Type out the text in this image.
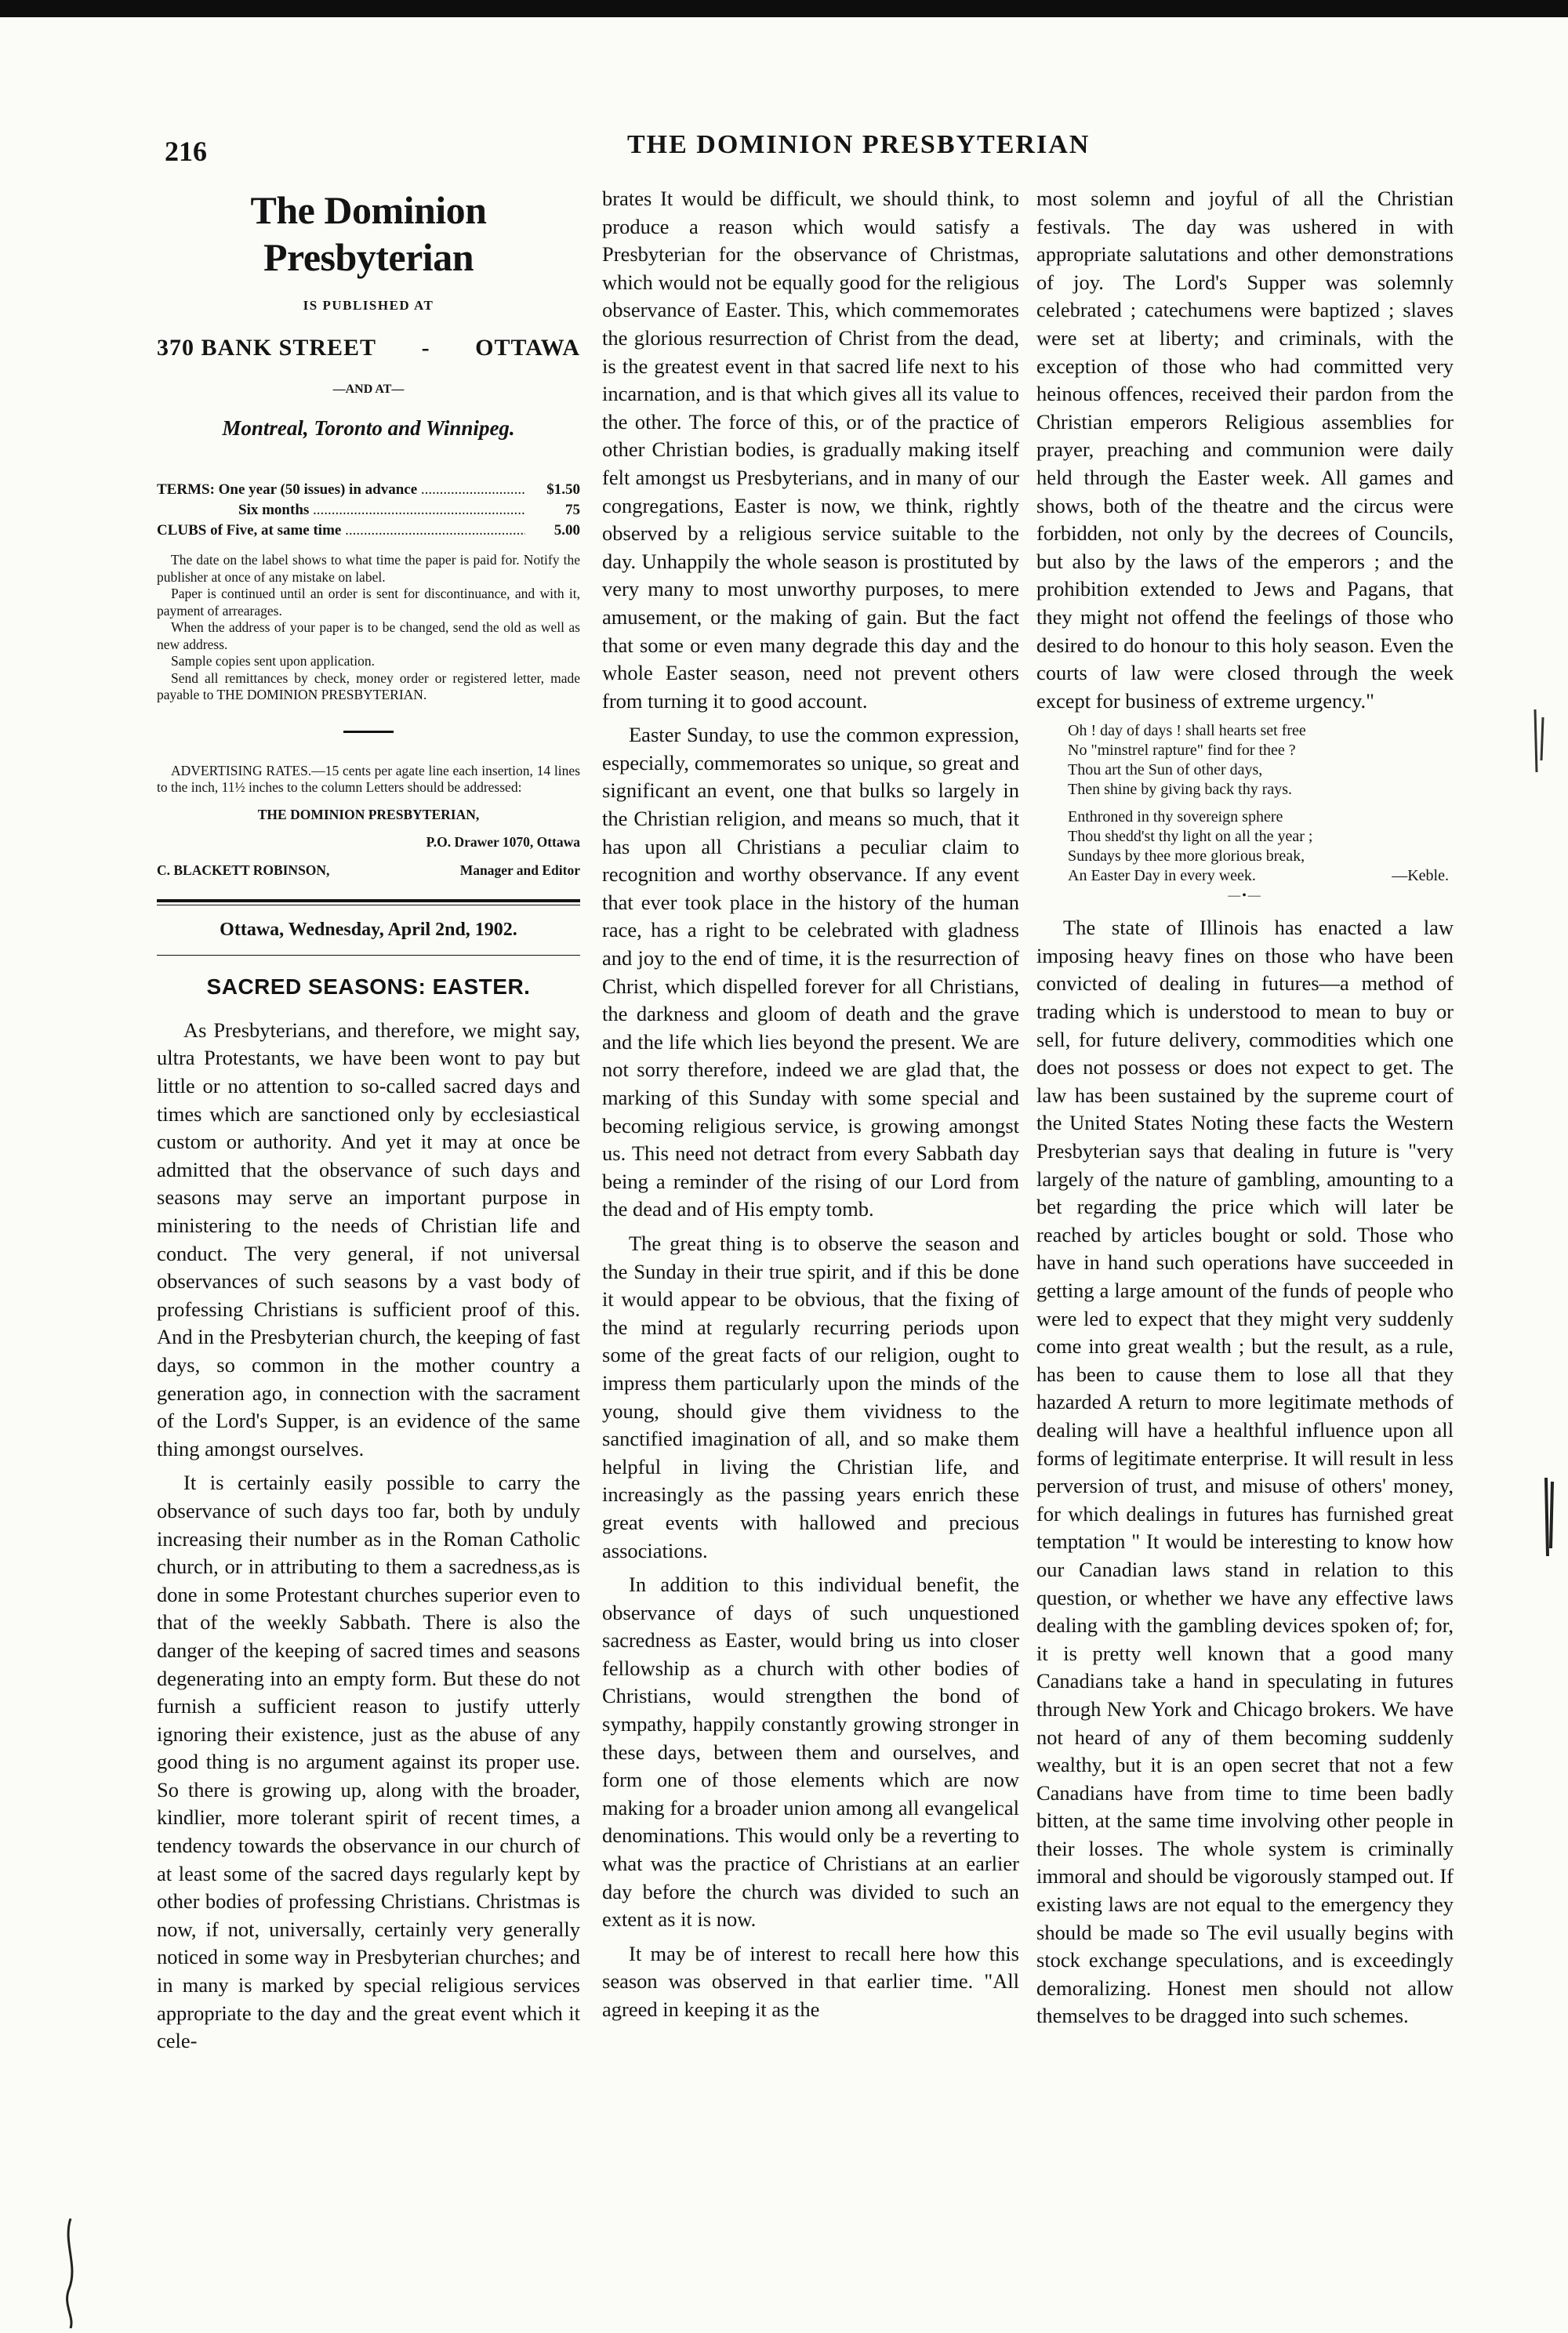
216	THE DOMINION PRESBYTERIAN
The Dominion Presbyterian
IS PUBLISHED AT
370 BANK STREET - OTTAWA
—AND AT—
Montreal, Toronto and Winnipeg.
TERMS: One year (50 issues) in advance .....	$1.50
Six months .....	75
CLUBS of Five, at same time .....	5.00

The date on the label shows to what time the paper is paid for. Notify the publisher at once of any mistake on label.

Paper is continued until an order is sent for discontinuance, and with it, payment of arrearages.

When the address of your paper is to be changed, send the old as well as new address.

Sample copies sent upon application.

Send all remittances by check, money order or registered letter, made payable to THE DOMINION PRESBYTERIAN.

ADVERTISING RATES.—15 cents per agate line each insertion, 14 lines to the inch, 11½ inches to the column Letters should be addressed:

THE DOMINION PRESBYTERIAN,
P.O. Drawer 1070, Ottawa
C. BLACKETT ROBINSON,	Manager and Editor
Ottawa, Wednesday, April 2nd, 1902.
SACRED SEASONS: EASTER.

As Presbyterians, and therefore, we might say, ultra Protestants, we have been wont to pay but little or no attention to so-called sacred days and times which are sanctioned only by ecclesiastical custom or authority. And yet it may at once be admitted that the observance of such days and seasons may serve an important purpose in ministering to the needs of Christian life and conduct. The very general, if not universal observances of such seasons by a vast body of professing Christians is sufficient proof of this. And in the Presbyterian church, the keeping of fast days, so common in the mother country a generation ago, in connection with the sacrament of the Lord's Supper, is an evidence of the same thing amongst ourselves.

It is certainly easily possible to carry the observance of such days too far, both by unduly increasing their number as in the Roman Catholic church, or in attributing to them a sacredness,as is done in some Protestant churches superior even to that of the weekly Sabbath. There is also the danger of the keeping of sacred times and seasons degenerating into an empty form. But these do not furnish a sufficient reason to justify utterly ignoring their existence, just as the abuse of any good thing is no argument against its proper use. So there is growing up, along with the broader, kindlier, more tolerant spirit of recent times, a tendency towards the observance in our church of at least some of the sacred days regularly kept by other bodies of professing Christians. Christmas is now, if not, universally, certainly very generally noticed in some way in Presbyterian churches; and in many is marked by special religious services appropriate to the day and the great event which it cele-

brates It would be difficult, we should think, to produce a reason which would satisfy a Presbyterian for the observance of Christmas, which would not be equally good for the religious observance of Easter. This, which commemorates the glorious resurrection of Christ from the dead, is the greatest event in that sacred life next to his incarnation, and is that which gives all its value to the other. The force of this, or of the practice of other Christian bodies, is gradually making itself felt amongst us Presbyterians, and in many of our congregations, Easter is now, we think, rightly observed by a religious service suitable to the day. Unhappily the whole season is prostituted by very many to most unworthy purposes, to mere amusement, or the making of gain. But the fact that some or even many degrade this day and the whole Easter season, need not prevent others from turning it to good account.

Easter Sunday, to use the common expression, especially, commemorates so unique, so great and significant an event, one that bulks so largely in the Christian religion, and means so much, that it has upon all Christians a peculiar claim to recognition and worthy observance. If any event that ever took place in the history of the human race, has a right to be celebrated with gladness and joy to the end of time, it is the resurrection of Christ, which dispelled forever for all Christians, the darkness and gloom of death and the grave and the life which lies beyond the present. We are not sorry therefore, indeed we are glad that, the marking of this Sunday with some special and becoming religious service, is growing amongst us. This need not detract from every Sabbath day being a reminder of the rising of our Lord from the dead and of His empty tomb.

The great thing is to observe the season and the Sunday in their true spirit, and if this be done it would appear to be obvious, that the fixing of the mind at regularly recurring periods upon some of the great facts of our religion, ought to impress them particularly upon the minds of the young, should give them vividness to the sanctified imagination of all, and so make them helpful in living the Christian life, and increasingly as the passing years enrich these great events with hallowed and precious associations.

In addition to this individual benefit, the observance of days of such unquestioned sacredness as Easter, would bring us into closer fellowship as a church with other bodies of Christians, would strengthen the bond of sympathy, happily constantly growing stronger in these days, between them and ourselves, and form one of those elements which are now making for a broader union among all evangelical denominations. This would only be a reverting to what was the practice of Christians at an earlier day before the church was divided to such an extent as it is now.

It may be of interest to recall here how this season was observed in that earlier time. "All agreed in keeping it as the

most solemn and joyful of all the Christian festivals. The day was ushered in with appropriate salutations and other demonstrations of joy. The Lord's Supper was solemnly celebrated ; catechumens were baptized ; slaves were set at liberty; and criminals, with the exception of those who had committed very heinous offences, received their pardon from the Christian emperors Religious assemblies for prayer, preaching and communion were daily held through the Easter week. All games and shows, both of the theatre and the circus were forbidden, not only by the decrees of Councils, but also by the laws of the emperors ; and the prohibition extended to Jews and Pagans, that they might not offend the feelings of those who desired to do honour to this holy season. Even the courts of law were closed through the week except for business of extreme urgency."

Oh ! day of days ! shall hearts set free
No "minstrel rapture" find for thee ?
Thou art the Sun of other days,
Then shine by giving back thy rays.
Enthroned in thy sovereign sphere
Thou shedd'st thy light on all the year ;
Sundays by thee more glorious break,
An Easter Day in every week.	—Keble.
—•—

The state of Illinois has enacted a law imposing heavy fines on those who have been convicted of dealing in futures—a method of trading which is understood to mean to buy or sell, for future delivery, commodities which one does not possess or does not expect to get. The law has been sustained by the supreme court of the United States Noting these facts the Western Presbyterian says that dealing in future is "very largely of the nature of gambling, amounting to a bet regarding the price which will later be reached by articles bought or sold. Those who have in hand such operations have succeeded in getting a large amount of the funds of people who were led to expect that they might very suddenly come into great wealth ; but the result, as a rule, has been to cause them to lose all that they hazarded A return to more legitimate methods of dealing will have a healthful influence upon all forms of legitimate enterprise. It will result in less perversion of trust, and misuse of others' money, for which dealings in futures has furnished great temptation " It would be interesting to know how our Canadian laws stand in relation to this question, or whether we have any effective laws dealing with the gambling devices spoken of; for, it is pretty well known that a good many Canadians take a hand in speculating in futures through New York and Chicago brokers. We have not heard of any of them becoming suddenly wealthy, but it is an open secret that not a few Canadians have from time to time been badly bitten, at the same time involving other people in their losses. The whole system is criminally immoral and should be vigorously stamped out. If existing laws are not equal to the emergency they should be made so The evil usually begins with stock exchange speculations, and is exceedingly demoralizing. Honest men should not allow themselves to be dragged into such schemes.
